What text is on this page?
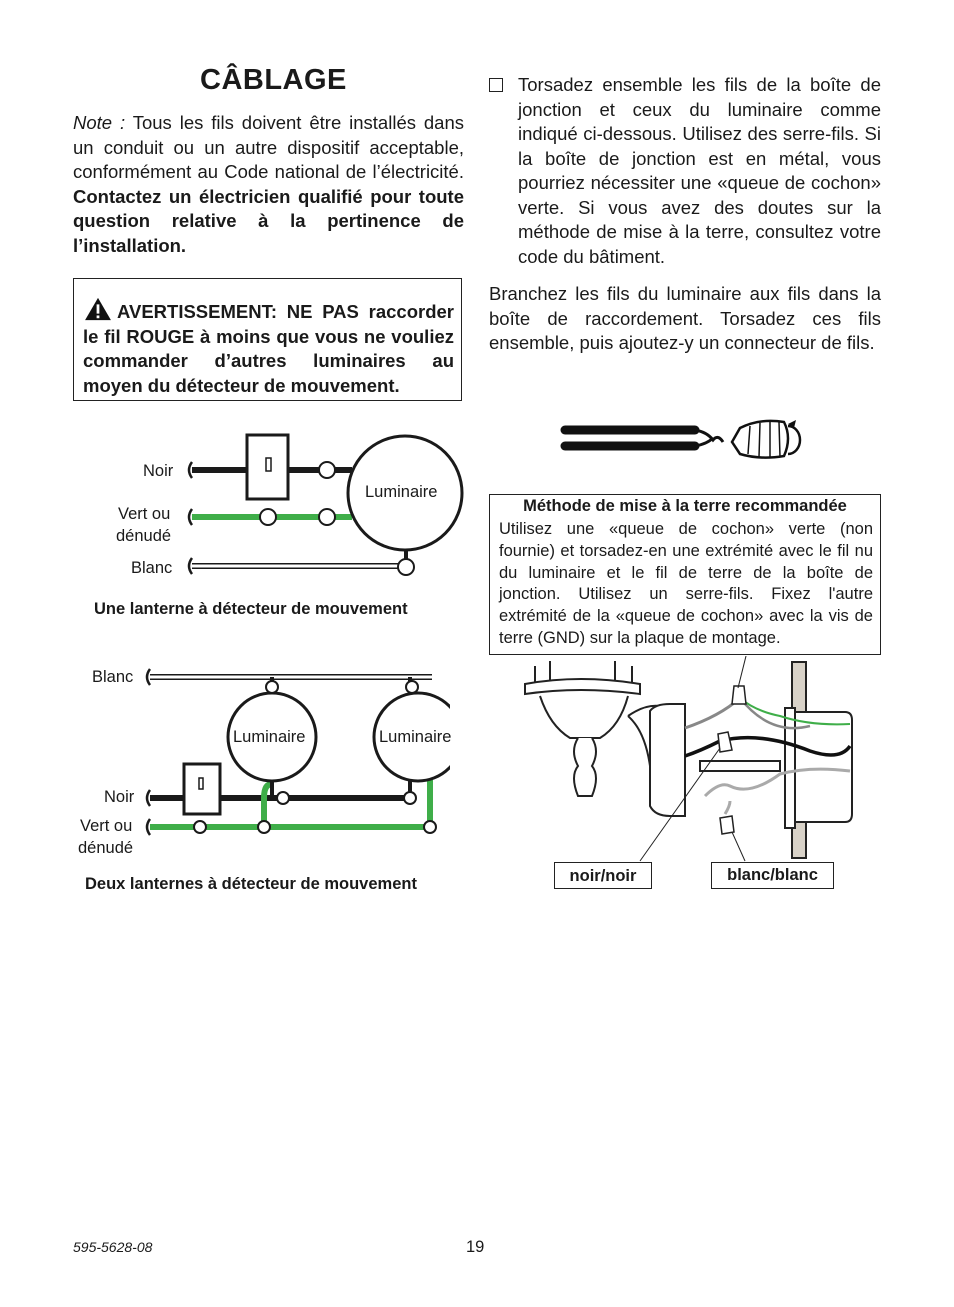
CÂBLAGE

Note : Tous les fils doivent être installés dans un conduit ou un autre dispositif acceptable, conformément au Code national de l’électricité. Contactez un électricien qualifié pour toute question relative à la pertinence de l’installation.

AVERTISSEMENT: NE PAS raccorder le fil ROUGE à moins que vous ne vouliez commander d’autres luminaires au moyen du détecteur de mouvement.

Torsadez ensemble les fils de la boîte de jonction et ceux du luminaire comme indiqué ci-dessous. Utilisez des serre-fils. Si la boîte de jonction est en métal, vous pourriez nécessiter une «queue de cochon» verte. Si vous avez des doutes sur la méthode de mise à la terre, consultez votre code du bâtiment.

Branchez les fils du luminaire aux fils dans la boîte de raccordement. Torsadez ces fils ensemble, puis ajoutez-y un connecteur de fils.

Noir
Vert ou
dénudé
Blanc
Luminaire
Une lanterne à détecteur de mouvement
Blanc
Luminaire	Luminaire
Noir
Vert ou
dénudé
Deux lanternes à détecteur de mouvement
Méthode de mise à la terre recommandée

Utilisez une «queue de cochon» verte (non fournie) et torsadez-en une extrémité avec le fil nu du luminaire et le fil de terre de la boîte de jonction. Utilisez un serre-fils. Fixez l'autre extrémité de la «queue de cochon» avec la vis de terre (GND) sur la plaque de montage.

noir/noir	blanc/blanc
595-5628-08	19
